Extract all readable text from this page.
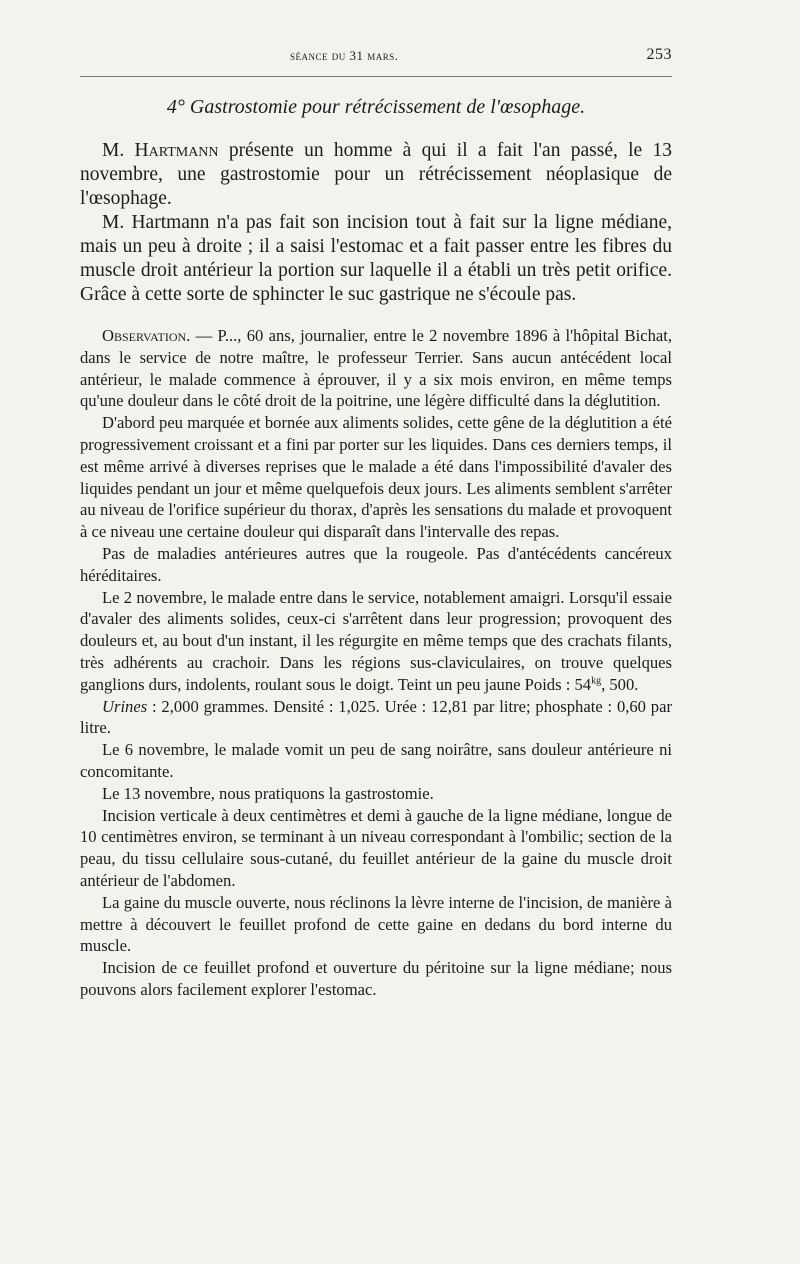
séance du 31 mars.	253
4° Gastrostomie pour rétrécissement de l'œsophage.

M. Hartmann présente un homme à qui il a fait l'an passé, le 13 novembre, une gastrostomie pour un rétrécissement néoplasique de l'œsophage.

M. Hartmann n'a pas fait son incision tout à fait sur la ligne médiane, mais un peu à droite ; il a saisi l'estomac et a fait passer entre les fibres du muscle droit antérieur la portion sur laquelle il a établi un très petit orifice. Grâce à cette sorte de sphincter le suc gastrique ne s'écoule pas.

Observation. — P..., 60 ans, journalier, entre le 2 novembre 1896 à l'hôpital Bichat, dans le service de notre maître, le professeur Terrier. Sans aucun antécédent local antérieur, le malade commence à éprouver, il y a six mois environ, en même temps qu'une douleur dans le côté droit de la poitrine, une légère difficulté dans la déglutition.

D'abord peu marquée et bornée aux aliments solides, cette gêne de la déglutition a été progressivement croissant et a fini par porter sur les liquides. Dans ces derniers temps, il est même arrivé à diverses reprises que le malade a été dans l'impossibilité d'avaler des liquides pendant un jour et même quelquefois deux jours. Les aliments semblent s'arrêter au niveau de l'orifice supérieur du thorax, d'après les sensations du malade et provoquent à ce niveau une certaine douleur qui disparaît dans l'intervalle des repas.

Pas de maladies antérieures autres que la rougeole. Pas d'antécédents cancéreux héréditaires.

Le 2 novembre, le malade entre dans le service, notablement amaigri. Lorsqu'il essaie d'avaler des aliments solides, ceux-ci s'arrêtent dans leur progression; provoquent des douleurs et, au bout d'un instant, il les régurgite en même temps que des crachats filants, très adhérents au crachoir. Dans les régions sus-claviculaires, on trouve quelques ganglions durs, indolents, roulant sous le doigt. Teint un peu jaune Poids : $54^{kg}$, 500.

Urines : 2,000 grammes. Densité : 1,025. Urée : 12,81 par litre; phosphate : 0,60 par litre.

Le 6 novembre, le malade vomit un peu de sang noirâtre, sans douleur antérieure ni concomitante.

Le 13 novembre, nous pratiquons la gastrostomie.

Incision verticale à deux centimètres et demi à gauche de la ligne médiane, longue de 10 centimètres environ, se terminant à un niveau correspondant à l'ombilic; section de la peau, du tissu cellulaire sous-cutané, du feuillet antérieur de la gaine du muscle droit antérieur de l'abdomen.

La gaine du muscle ouverte, nous réclinons la lèvre interne de l'incision, de manière à mettre à découvert le feuillet profond de cette gaine en dedans du bord interne du muscle.

Incision de ce feuillet profond et ouverture du péritoine sur la ligne médiane; nous pouvons alors facilement explorer l'estomac.
